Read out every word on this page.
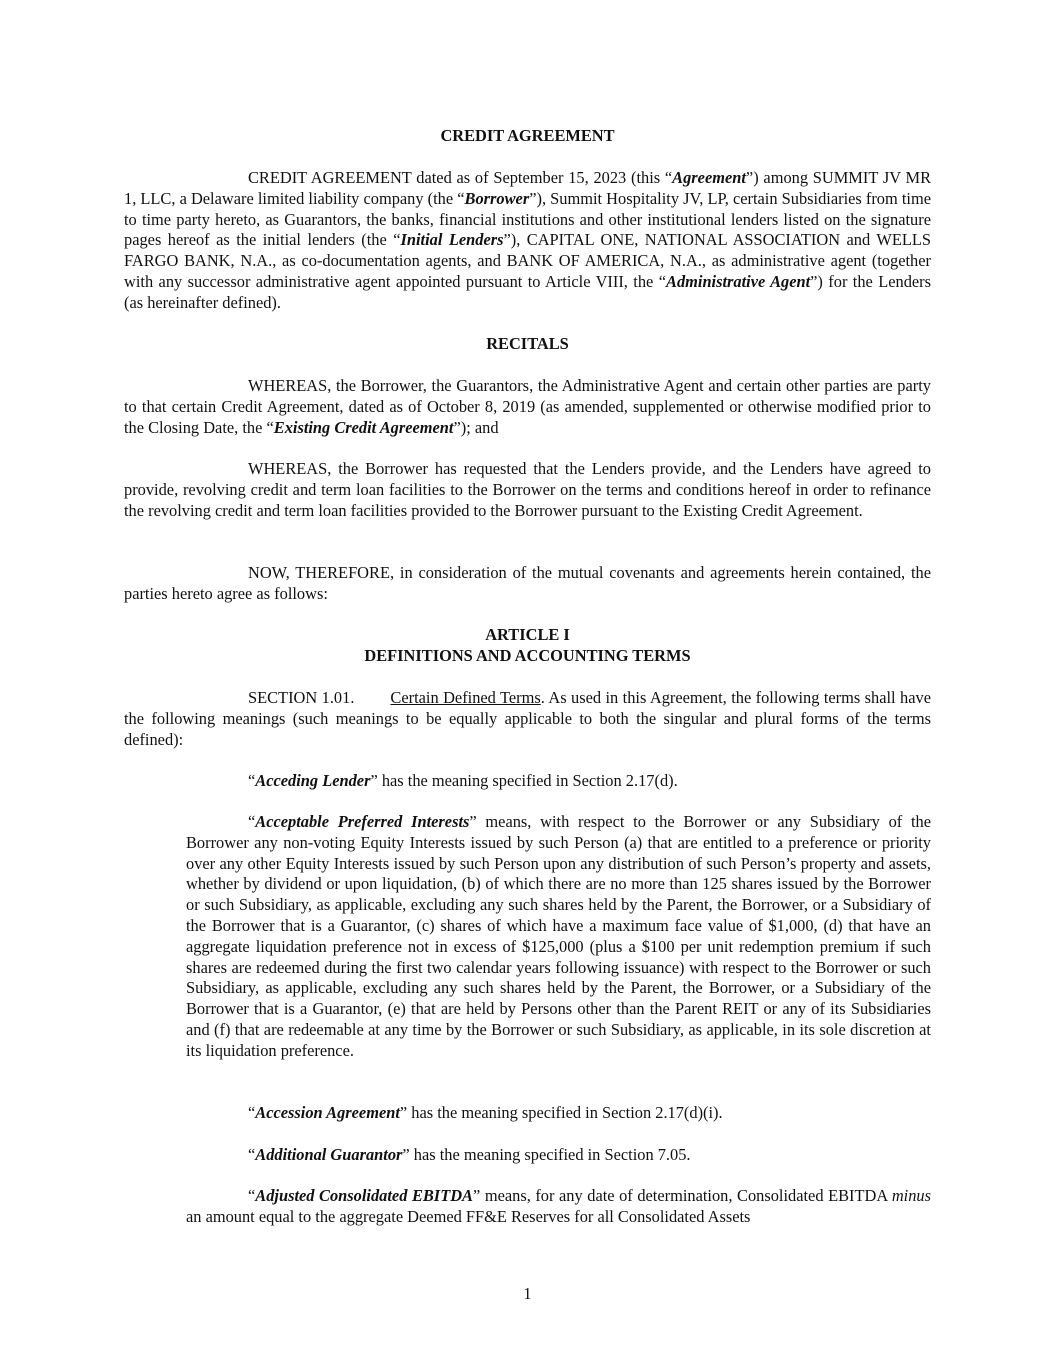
CREDIT AGREEMENT

CREDIT AGREEMENT dated as of September 15, 2023 (this “Agreement”) among SUMMIT JV MR 1, LLC, a Delaware limited liability company (the “Borrower”), Summit Hospitality JV, LP, certain Subsidiaries from time to time party hereto, as Guarantors, the banks, financial institutions and other institutional lenders listed on the signature pages hereof as the initial lenders (the “Initial Lenders”), CAPITAL ONE, NATIONAL ASSOCIATION and WELLS FARGO BANK, N.A., as co-documentation agents, and BANK OF AMERICA, N.A., as administrative agent (together with any successor administrative agent appointed pursuant to Article VIII, the “Administrative Agent”) for the Lenders (as hereinafter defined).

RECITALS

WHEREAS, the Borrower, the Guarantors, the Administrative Agent and certain other parties are party to that certain Credit Agreement, dated as of October 8, 2019 (as amended, supplemented or otherwise modified prior to the Closing Date, the “Existing Credit Agreement”); and

WHEREAS, the Borrower has requested that the Lenders provide, and the Lenders have agreed to provide, revolving credit and term loan facilities to the Borrower on the terms and conditions hereof in order to refinance the revolving credit and term loan facilities provided to the Borrower pursuant to the Existing Credit Agreement.

NOW, THEREFORE, in consideration of the mutual covenants and agreements herein contained, the parties hereto agree as follows:

ARTICLE I
DEFINITIONS AND ACCOUNTING TERMS

SECTION 1.01. Certain Defined Terms. As used in this Agreement, the following terms shall have the following meanings (such meanings to be equally applicable to both the singular and plural forms of the terms defined):

“Acceding Lender” has the meaning specified in Section 2.17(d).

“Acceptable Preferred Interests” means, with respect to the Borrower or any Subsidiary of the Borrower any non-voting Equity Interests issued by such Person (a) that are entitled to a preference or priority over any other Equity Interests issued by such Person upon any distribution of such Person’s property and assets, whether by dividend or upon liquidation, (b) of which there are no more than 125 shares issued by the Borrower or such Subsidiary, as applicable, excluding any such shares held by the Parent, the Borrower, or a Subsidiary of the Borrower that is a Guarantor, (c) shares of which have a maximum face value of $1,000, (d) that have an aggregate liquidation preference not in excess of $125,000 (plus a $100 per unit redemption premium if such shares are redeemed during the first two calendar years following issuance) with respect to the Borrower or such Subsidiary, as applicable, excluding any such shares held by the Parent, the Borrower, or a Subsidiary of the Borrower that is a Guarantor, (e) that are held by Persons other than the Parent REIT or any of its Subsidiaries and (f) that are redeemable at any time by the Borrower or such Subsidiary, as applicable, in its sole discretion at its liquidation preference.

“Accession Agreement” has the meaning specified in Section 2.17(d)(i).

“Additional Guarantor” has the meaning specified in Section 7.05.

“Adjusted Consolidated EBITDA” means, for any date of determination, Consolidated EBITDA minus an amount equal to the aggregate Deemed FF&E Reserves for all Consolidated Assets

1
